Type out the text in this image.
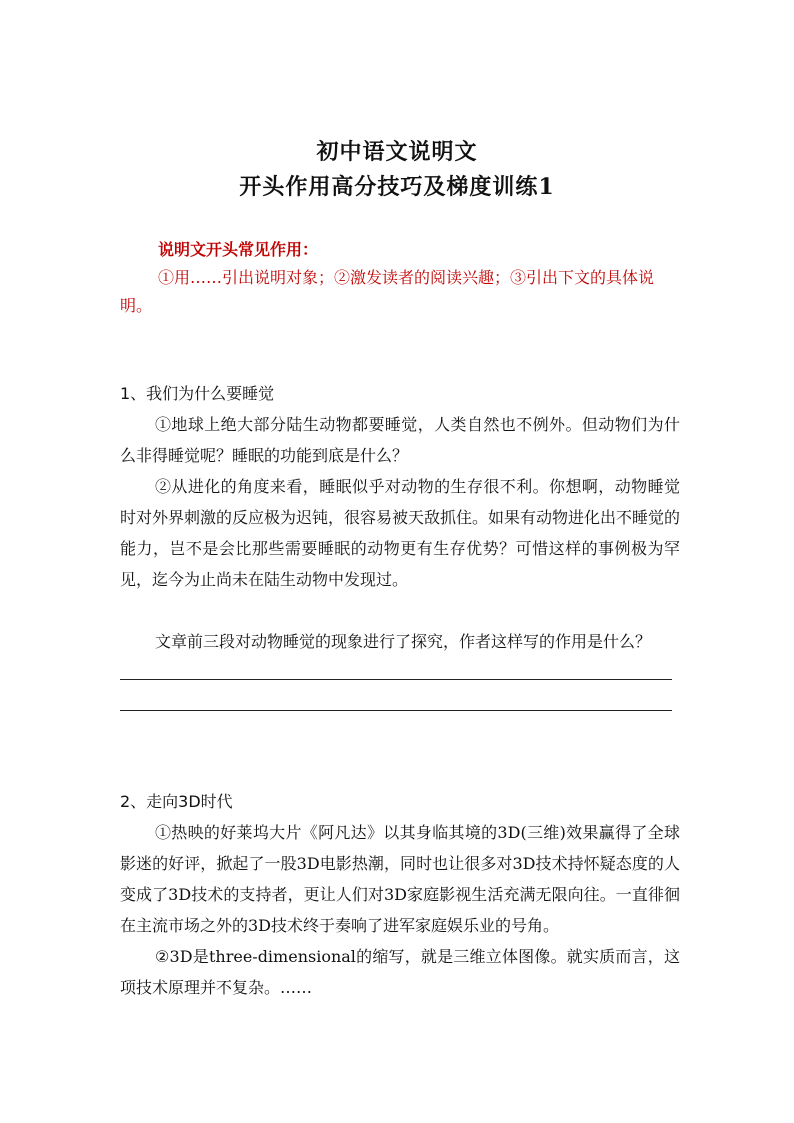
初中语文说明文
开头作用高分技巧及梯度训练1
说明文开头常见作用：
①用……引出说明对象；②激发读者的阅读兴趣；③引出下文的具体说明。
1、我们为什么要睡觉
①地球上绝大部分陆生动物都要睡觉，人类自然也不例外。但动物们为什么非得睡觉呢？睡眠的功能到底是什么？
②从进化的角度来看，睡眠似乎对动物的生存很不利。你想啊，动物睡觉时对外界刺激的反应极为迟钝，很容易被天敌抓住。如果有动物进化出不睡觉的能力，岂不是会比那些需要睡眠的动物更有生存优势？可惜这样的事例极为罕见，迄今为止尚未在陆生动物中发现过。
文章前三段对动物睡觉的现象进行了探究，作者这样写的作用是什么？
2、走向3D时代
①热映的好莱坞大片《阿凡达》以其身临其境的3D(三维)效果赢得了全球影迷的好评，掀起了一股3D电影热潮，同时也让很多对3D技术持怀疑态度的人变成了3D技术的支持者，更让人们对3D家庭影视生活充满无限向往。一直徘徊在主流市场之外的3D技术终于奏响了进军家庭娱乐业的号角。
②3D是three-dimensional的缩写，就是三维立体图像。就实质而言，这项技术原理并不复杂。……
